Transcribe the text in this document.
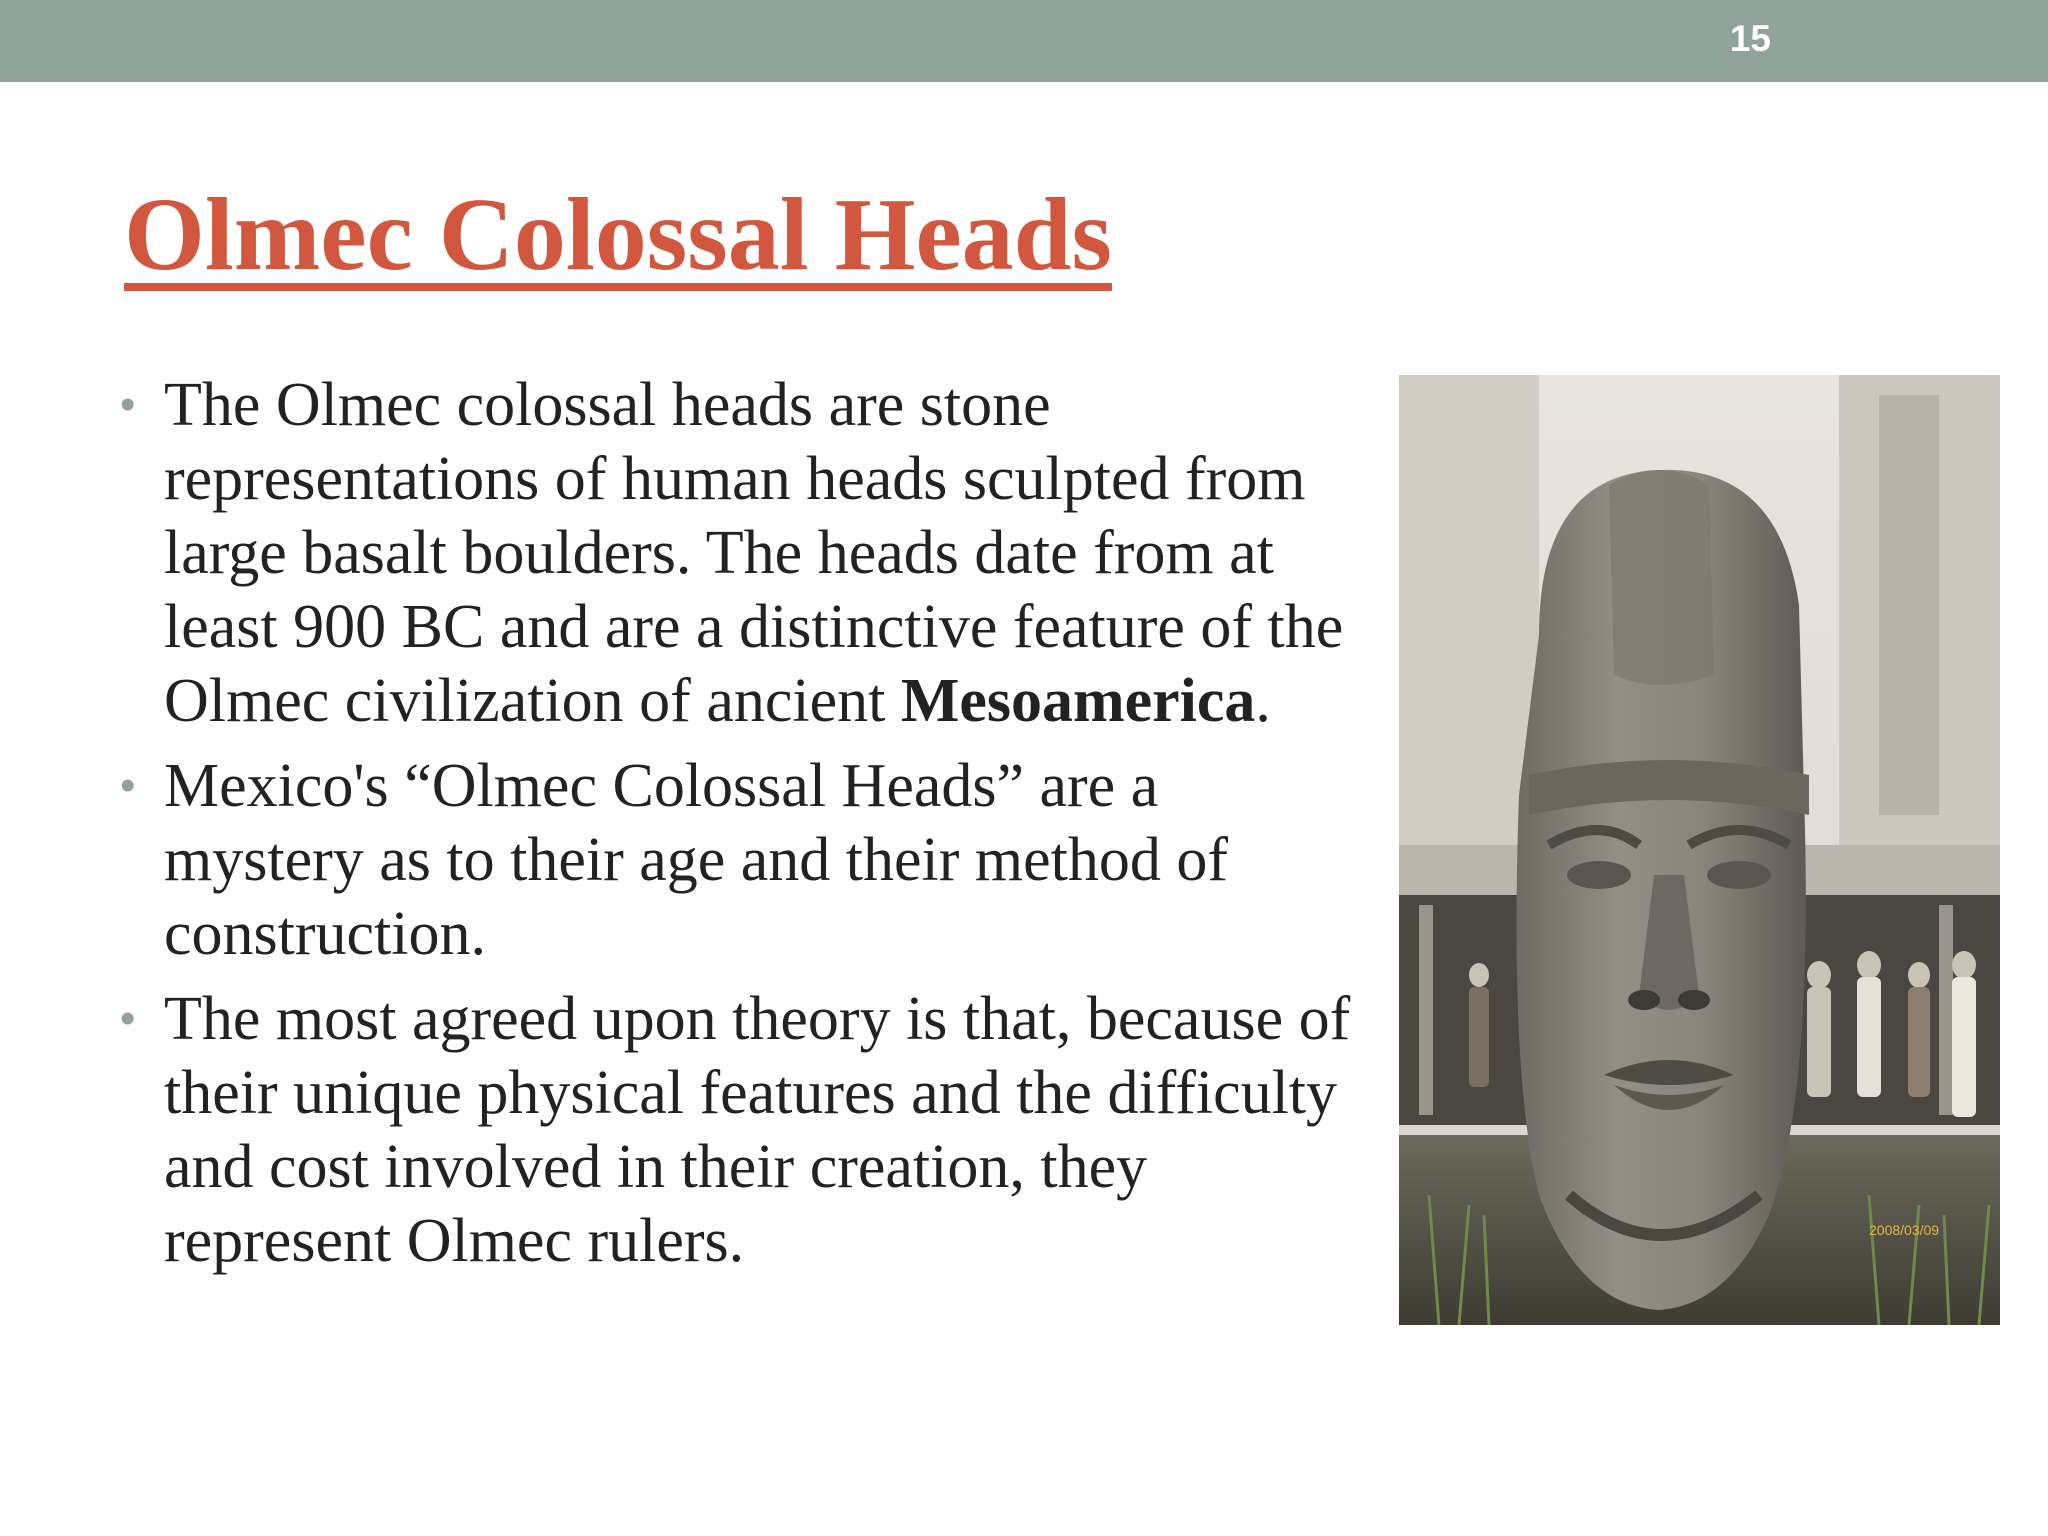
15
Olmec Colossal Heads
• The Olmec colossal heads are stone representations of human heads sculpted from large basalt boulders. The heads date from at least 900 BC and are a distinctive feature of the Olmec civilization of ancient Mesoamerica.
• Mexico's “Olmec Colossal Heads” are a mystery as to their age and their method of construction.
• The most agreed upon theory is that, because of their unique physical features and the difficulty and cost involved in their creation, they represent Olmec rulers.	2008/03/09
